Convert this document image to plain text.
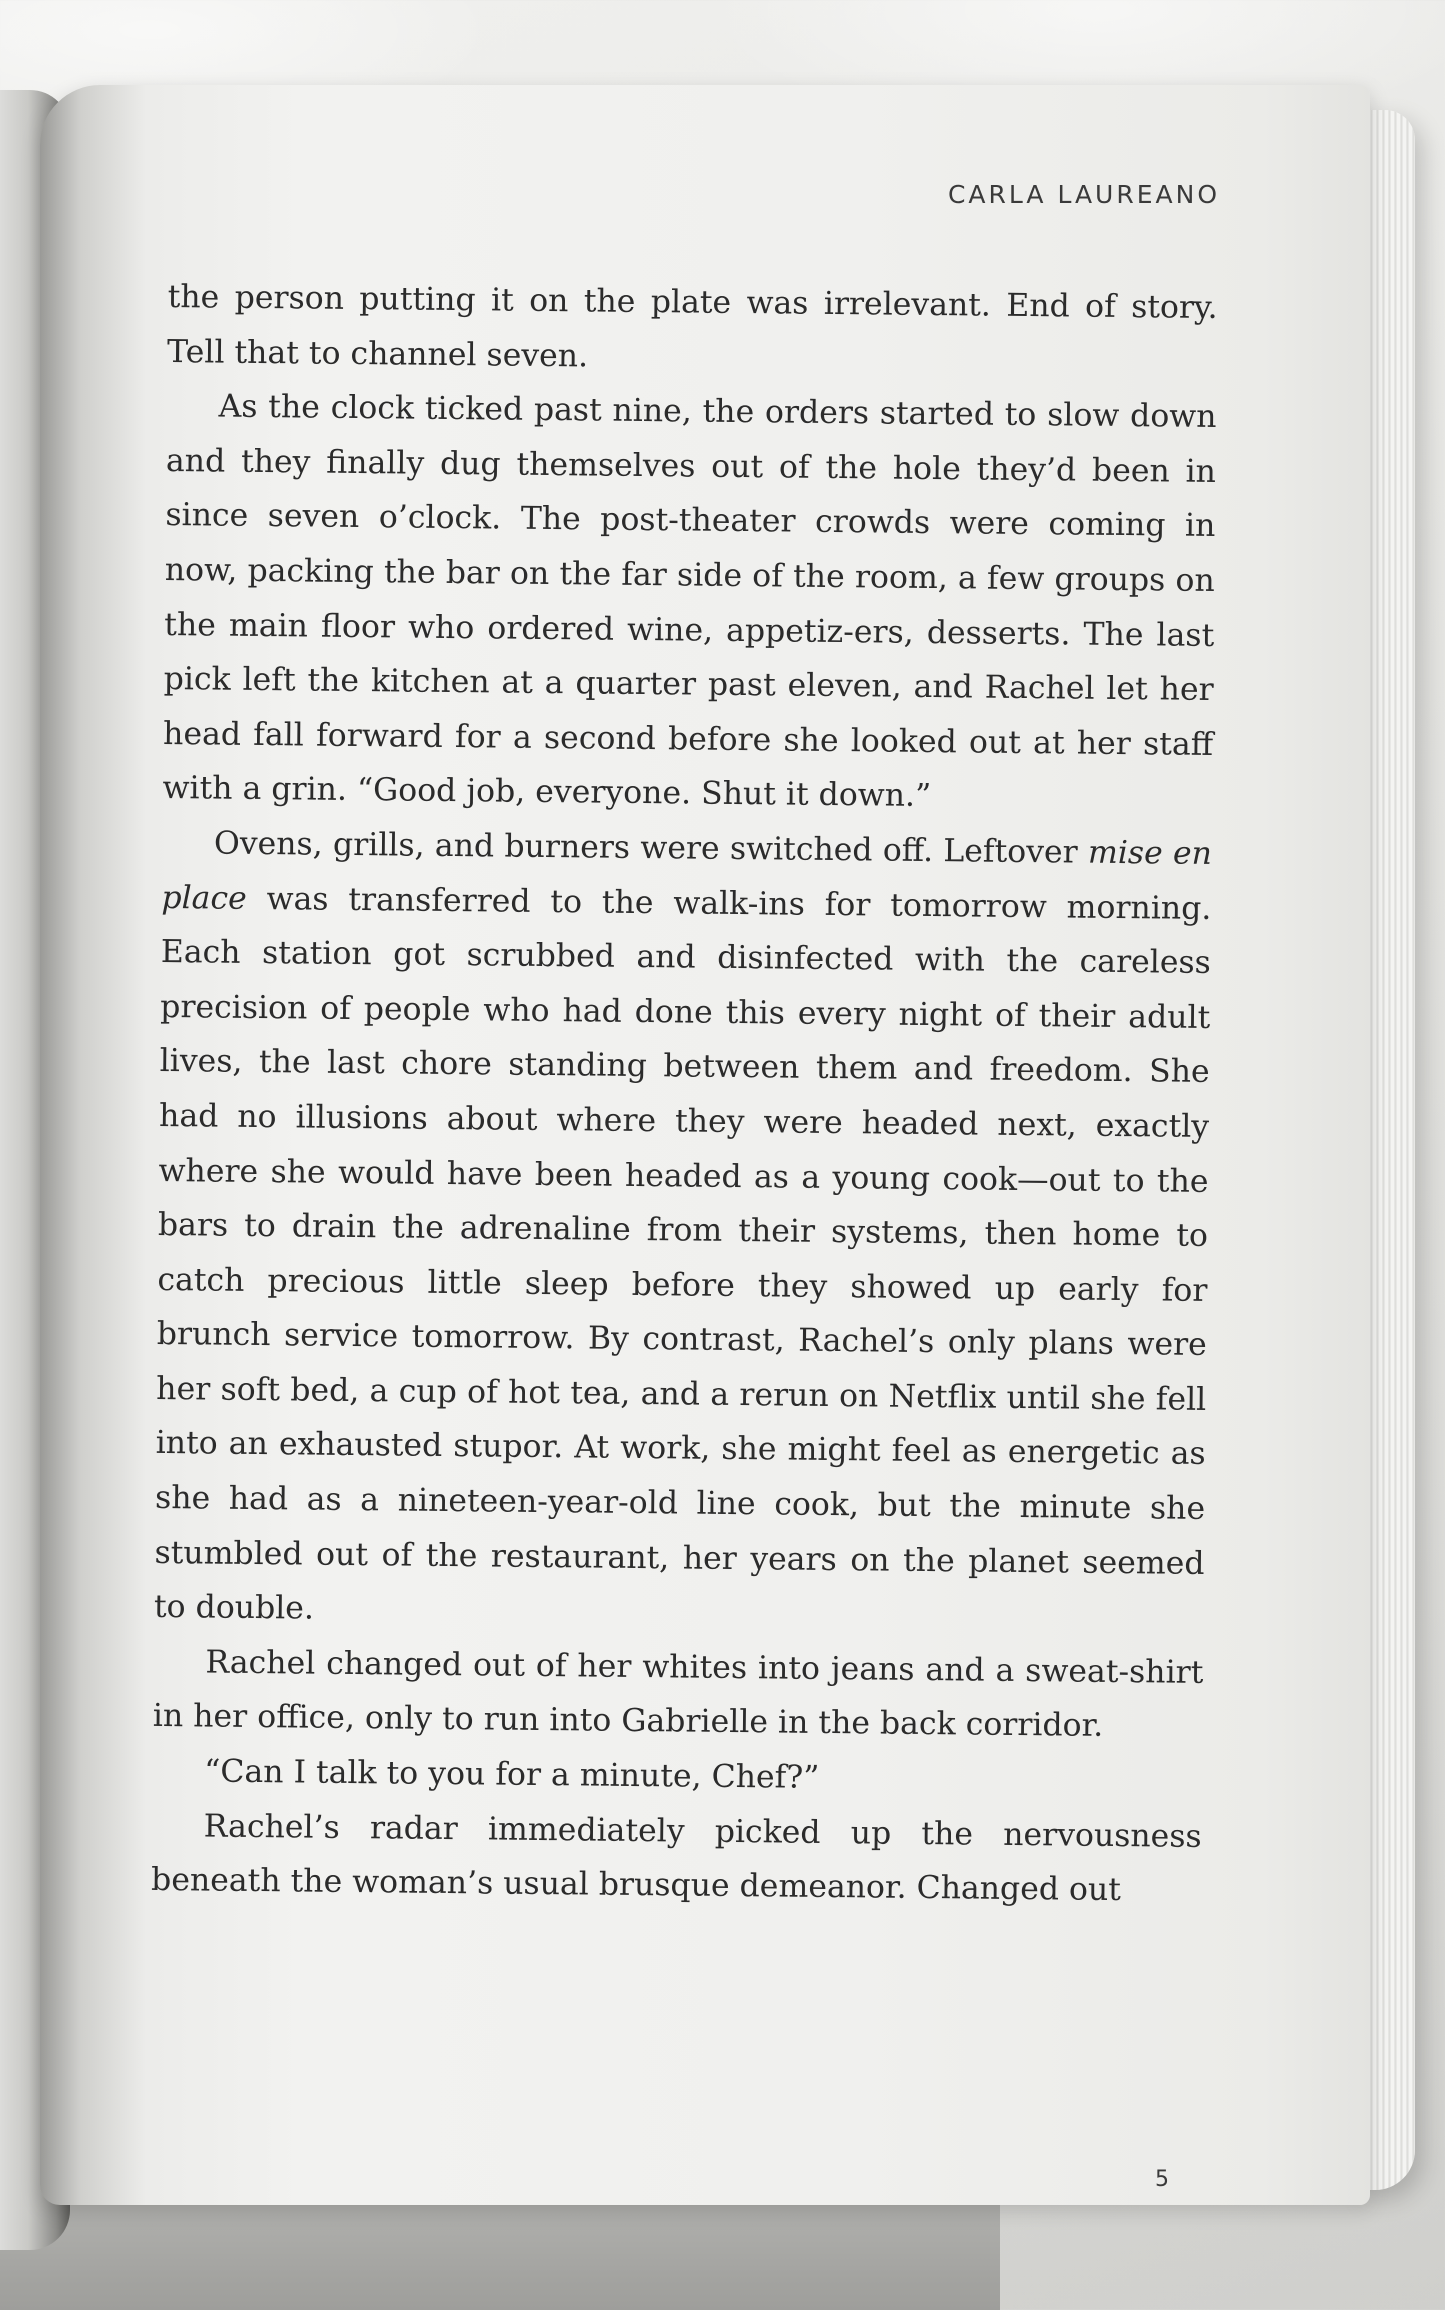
CARLA LAUREANO

the person putting it on the plate was irrelevant. End of story. Tell that to channel seven.

As the clock ticked past nine, the orders started to slow down and they finally dug themselves out of the hole they’d been in since seven o’clock. The post-theater crowds were coming in now, packing the bar on the far side of the room, a few groups on the main floor who ordered wine, appetiz-ers, desserts. The last pick left the kitchen at a quarter past eleven, and Rachel let her head fall forward for a second before she looked out at her staff with a grin. “Good job, everyone. Shut it down.”

Ovens, grills, and burners were switched off. Leftover mise en place was transferred to the walk-ins for tomorrow morning. Each station got scrubbed and disinfected with the careless precision of people who had done this every night of their adult lives, the last chore standing between them and freedom. She had no illusions about where they were headed next, exactly where she would have been headed as a young cook—out to the bars to drain the adrenaline from their systems, then home to catch precious little sleep before they showed up early for brunch service tomorrow. By contrast, Rachel’s only plans were her soft bed, a cup of hot tea, and a rerun on Netflix until she fell into an exhausted stupor. At work, she might feel as energetic as she had as a nineteen-year-old line cook, but the minute she stumbled out of the restaurant, her years on the planet seemed to double.

Rachel changed out of her whites into jeans and a sweat-shirt in her office, only to run into Gabrielle in the back corridor.

“Can I talk to you for a minute, Chef?”

Rachel’s radar immediately picked up the nervousness beneath the woman’s usual brusque demeanor. Changed out

5
